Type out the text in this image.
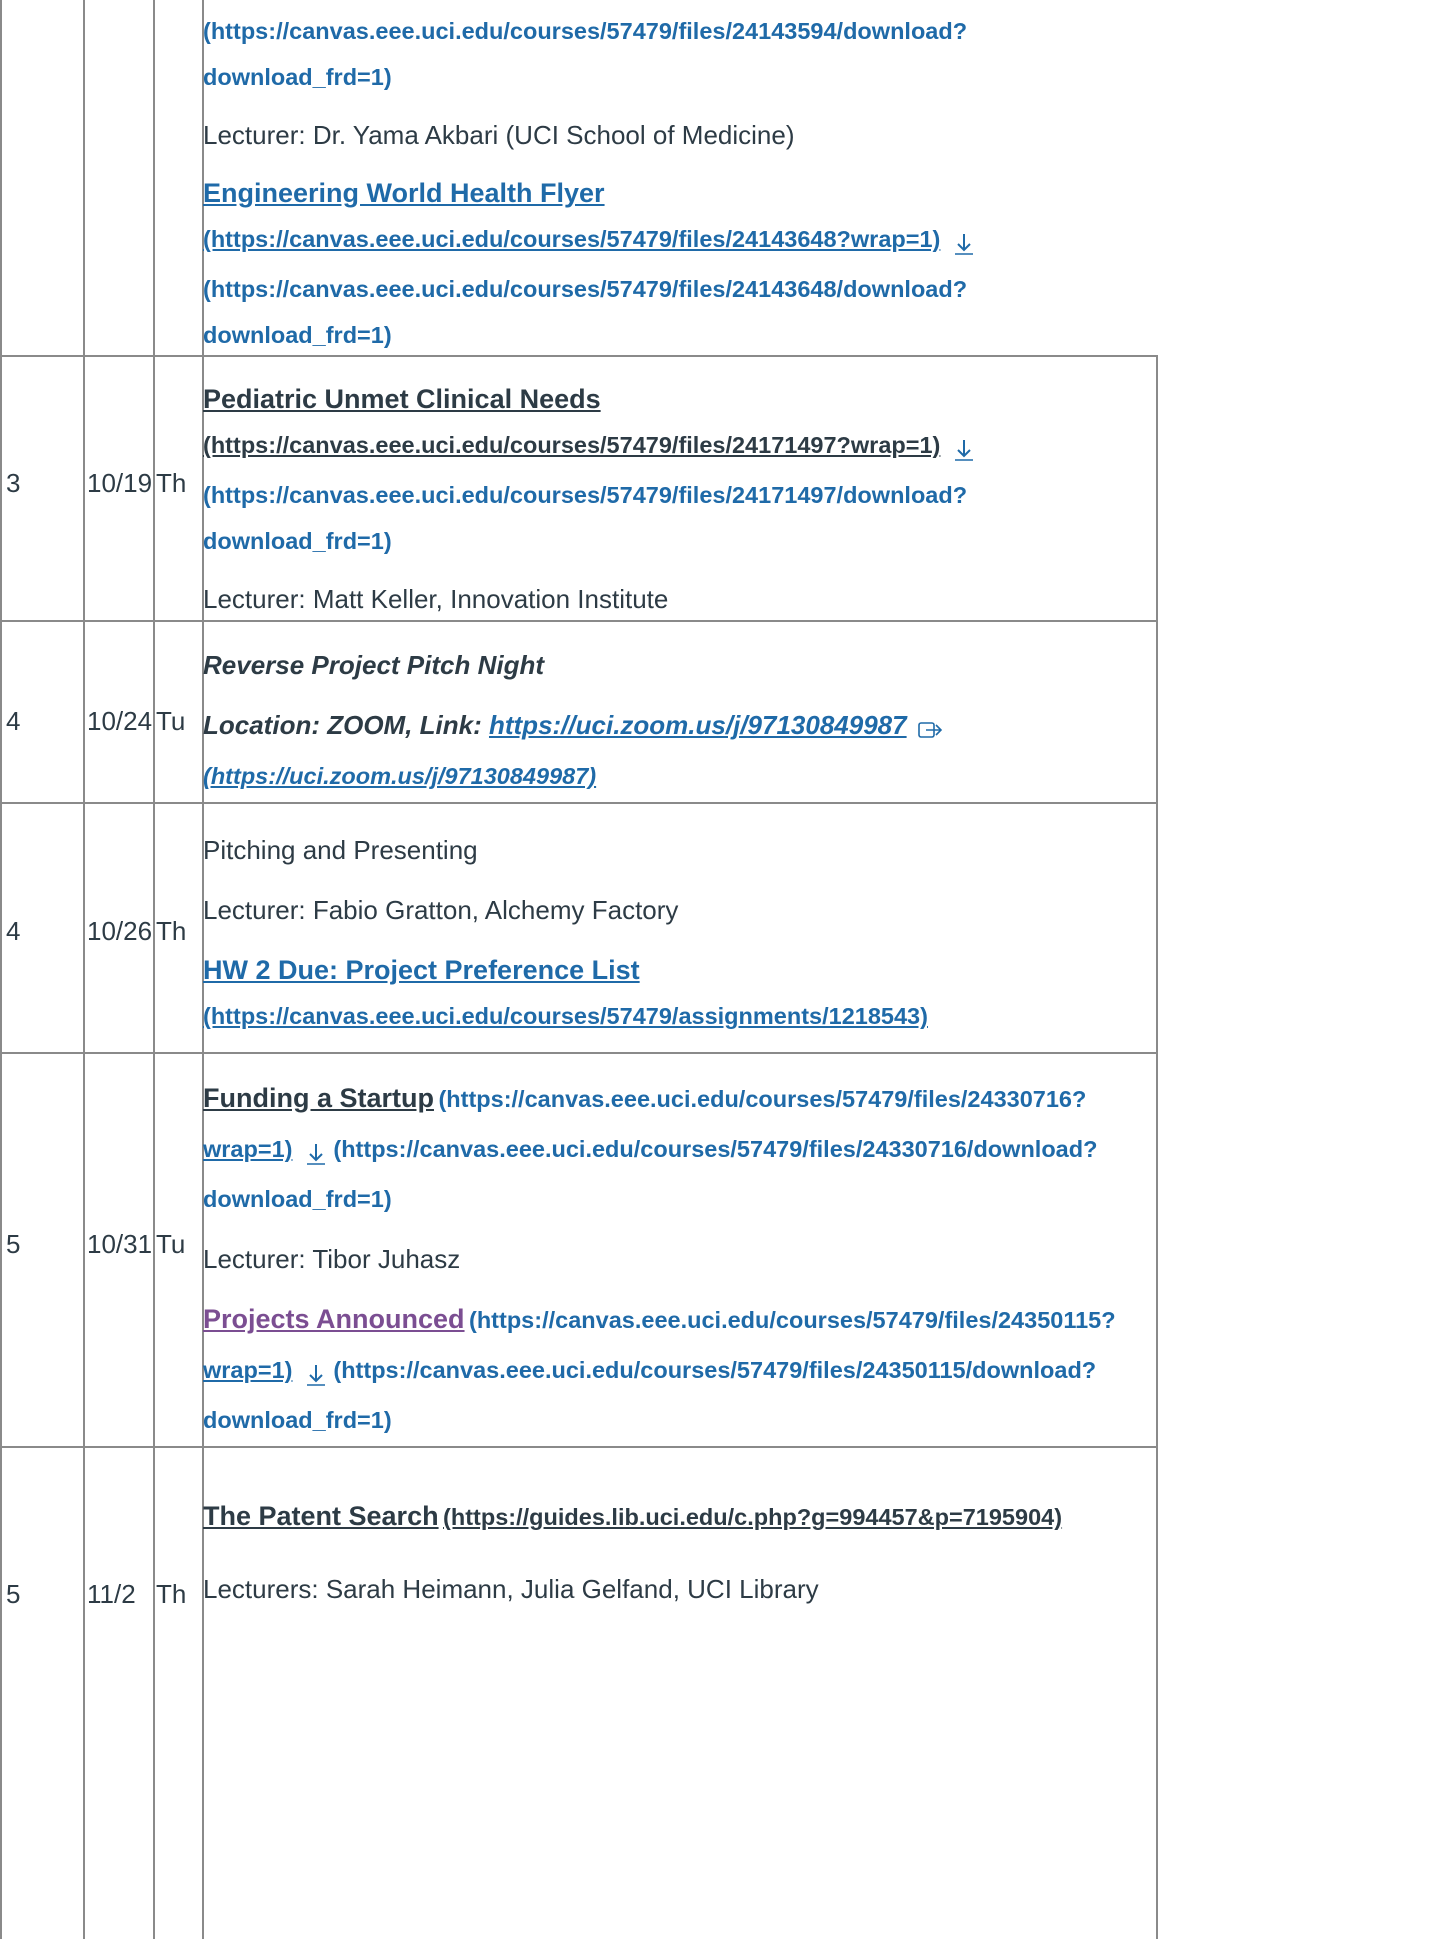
(https://canvas.eee.uci.edu/courses/57479/files/24143594/download?
download_frd=1)
Lecturer: Dr. Yama Akbari (UCI School of Medicine)
Engineering World Health Flyer
(https://canvas.eee.uci.edu/courses/57479/files/24143648?wrap=1)
(https://canvas.eee.uci.edu/courses/57479/files/24143648/download?
download_frd=1)
3	10/19 Th
Pediatric Unmet Clinical Needs
(https://canvas.eee.uci.edu/courses/57479/files/24171497?wrap=1)
(https://canvas.eee.uci.edu/courses/57479/files/24171497/download?
download_frd=1)
Lecturer: Matt Keller, Innovation Institute
4	10/24 Tu
Reverse Project Pitch Night
Location: ZOOM, Link: https://uci.zoom.us/j/97130849987
(https://uci.zoom.us/j/97130849987)
4	10/26 Th
Pitching and Presenting
Lecturer: Fabio Gratton, Alchemy Factory
HW 2 Due: Project Preference List
(https://canvas.eee.uci.edu/courses/57479/assignments/1218543)
5	10/31 Tu
Funding a Startup (https://canvas.eee.uci.edu/courses/57479/files/24330716?
wrap=1) (https://canvas.eee.uci.edu/courses/57479/files/24330716/download?
download_frd=1)
Lecturer: Tibor Juhasz
Projects Announced (https://canvas.eee.uci.edu/courses/57479/files/24350115?
wrap=1) (https://canvas.eee.uci.edu/courses/57479/files/24350115/download?
download_frd=1)
5	11/2 Th
The Patent Search (https://guides.lib.uci.edu/c.php?g=994457&p=7195904)
Lecturers: Sarah Heimann, Julia Gelfand, UCI Library
